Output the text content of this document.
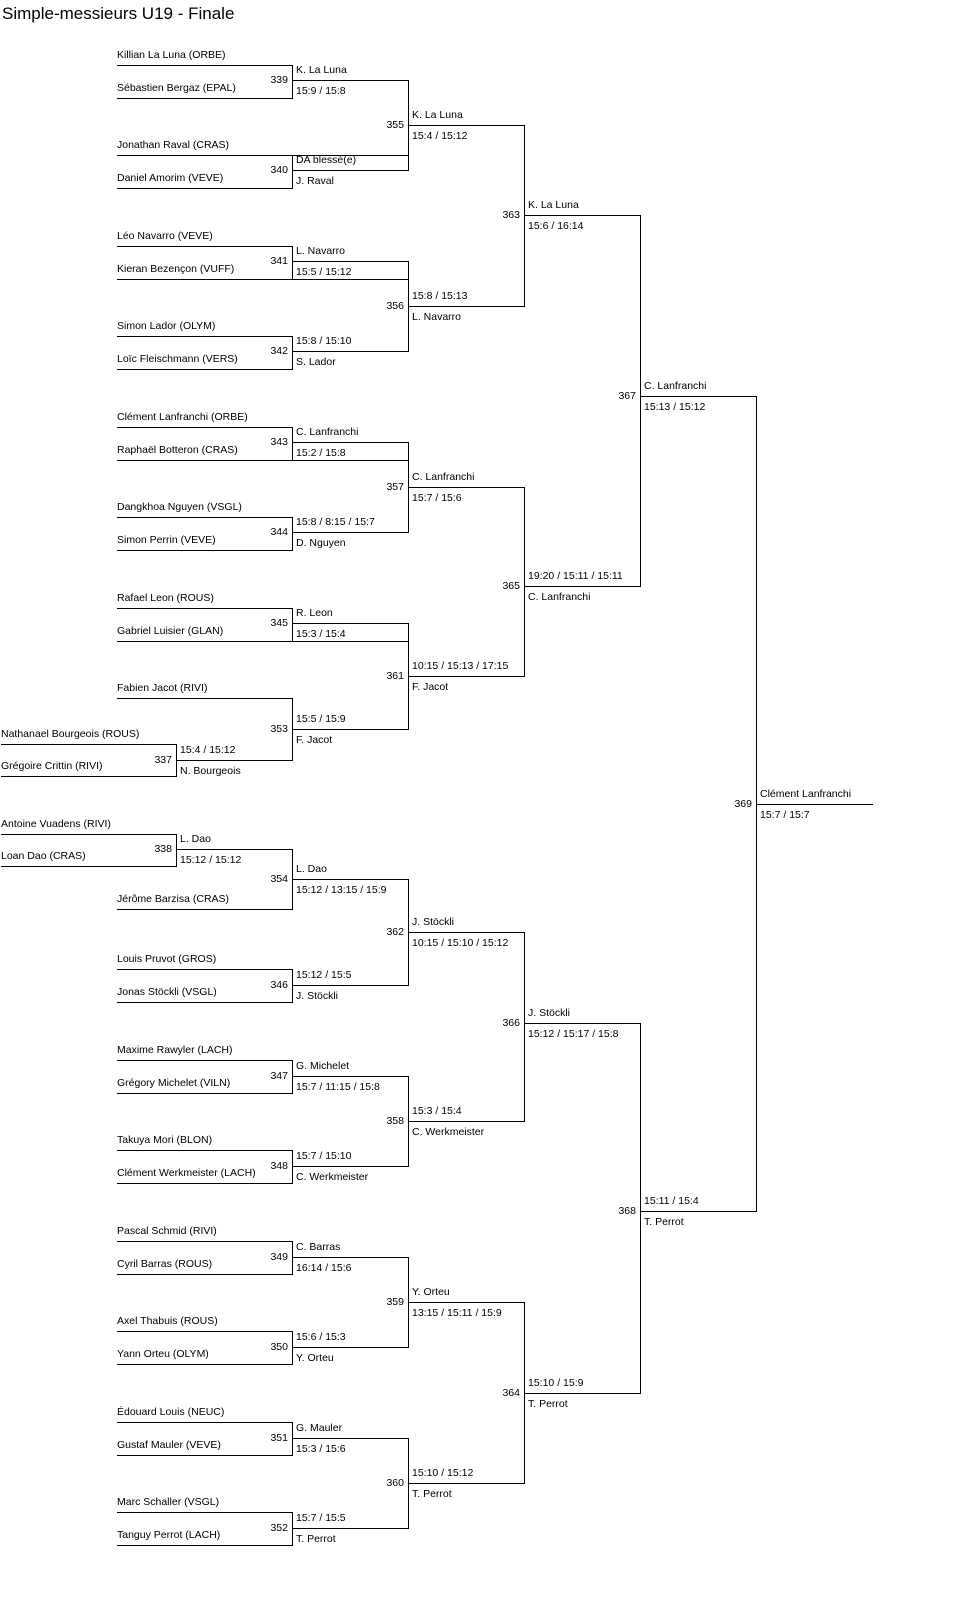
Simple-messieurs U19 - Finale
Killian La Luna (ORBE)
Sébastien Bergaz (EPAL)
Jonathan Raval (CRAS)
Daniel Amorim (VEVE)
Léo Navarro (VEVE)
Kieran Bezençon (VUFF)
Simon Lador (OLYM)
Loïc Fleischmann (VERS)
Clément Lanfranchi (ORBE)
Raphaël Botteron (CRAS)
Dangkhoa Nguyen (VSGL)
Simon Perrin (VEVE)
Rafael Leon (ROUS)
Gabriel Luisier (GLAN)
Fabien Jacot (RIVI)
Nathanael Bourgeois (ROUS)
Grégoire Crittin (RIVI)
Antoine Vuadens (RIVI)
Loan Dao (CRAS)
Jérôme Barzisa (CRAS)
Louis Pruvot (GROS)
Jonas Stöckli (VSGL)
Maxime Rawyler (LACH)
Grégory Michelet (VILN)
Takuya Mori (BLON)
Clément Werkmeister (LACH)
Pascal Schmid (RIVI)
Cyril Barras (ROUS)
Axel Thabuis (ROUS)
Yann Orteu (OLYM)
Édouard Louis (NEUC)
Gustaf Mauler (VEVE)
Marc Schaller (VSGL)
Tanguy Perrot (LACH)
339
K. La Luna
15:9 / 15:8
340
DA blessé(e)
J. Raval
341
L. Navarro
15:5 / 15:12
342
15:8 / 15:10
S. Lador
343
C. Lanfranchi
15:2 / 15:8
344
15:8 / 8:15 / 15:7
D. Nguyen
345
R. Leon
15:3 / 15:4
337
15:4 / 15:12
N. Bourgeois
353
15:5 / 15:9
F. Jacot
338
L. Dao
15:12 / 15:12
354
L. Dao
15:12 / 13:15 / 15:9
346
15:12 / 15:5
J. Stöckli
347
G. Michelet
15:7 / 11:15 / 15:8
348
15:7 / 15:10
C. Werkmeister
349
C. Barras
16:14 / 15:6
350
15:6 / 15:3
Y. Orteu
351
G. Mauler
15:3 / 15:6
352
15:7 / 15:5
T. Perrot
355
K. La Luna
15:4 / 15:12
356
15:8 / 15:13
L. Navarro
357
C. Lanfranchi
15:7 / 15:6
361
10:15 / 15:13 / 17:15
F. Jacot
362
J. Stöckli
10:15 / 15:10 / 15:12
358
15:3 / 15:4
C. Werkmeister
359
Y. Orteu
13:15 / 15:11 / 15:9
360
15:10 / 15:12
T. Perrot
363
K. La Luna
15:6 / 16:14
365
19:20 / 15:11 / 15:11
C. Lanfranchi
366
J. Stöckli
15:12 / 15:17 / 15:8
364
15:10 / 15:9
T. Perrot
367
C. Lanfranchi
15:13 / 15:12
368
15:11 / 15:4
T. Perrot
369
Clément Lanfranchi
15:7 / 15:7
